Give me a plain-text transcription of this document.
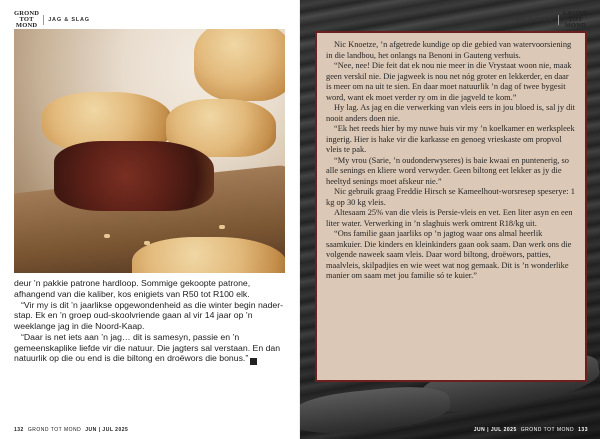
GROND
TOT
MOND
JAG & SLAG

deur ’n pakkie patrone hardloop. Sommige gekoopte patrone, afhangend van die kaliber, kos enigiets van R50 tot R100 elk.

“Vir my is dit ’n jaarlikse opgewondenheid as die winter begin naderstap. Ek en ’n groep oud-skoolvriende gaan al vir 14 jaar op ’n weeklange jag in die Noord-Kaap.

“Daar is net iets aan ’n jag… dit is samesyn, passie en ’n gemeenskaplike liefde vir die natuur. Die jagters sal verstaan. En dan natuurlik op die ou end is die biltong en droëwors die bonus.” G

132 GROND TOT MOND JUN | JUL 2025
JAG & SLAG
GROND
TOT
MOND

Nic Knoetze, ’n afgetrede kundige op die gebied van watervoorsiening in die landbou, het onlangs na Benoni in Gauteng verhuis.

“Nee, nee! Die feit dat ek nou nie meer in die Vrystaat woon nie, maak geen verskil nie. Die jagweek is nou net nóg groter en lekkerder, en daar is meer om na uit te sien. En daar moet natuurlik ’n dag of twee bygesit word, want ek moet verder ry om in die jagveld te kom.”

Hy lag. As jag en die verwerking van vleis eers in jou bloed is, sal jy dit nooit anders doen nie.

“Ek het reeds hier by my nuwe huis vir my ’n koelkamer en werkspleek ingerig. Hier is hake vir die karkasse en genoeg vrieskaste om propvol vleis te pak.

“My vrou (Sarie, ’n oudonderwyseres) is baie kwaai en puntenerig, so alle senings en kliere word verwyder. Geen biltong eet lekker as jy die heeltyd senings moet afskeur nie.”

Nic gebruik graag Freddie Hirsch se Kameelhout-worsresep speserye: 1 kg op 30 kg vleis.

Altesaam 25% van die vleis is Persie-vleis en vet. Een liter asyn en een liter water. Verwerking in ’n slaghuis werk omtrent R18/kg uit.

“Ons familie gaan jaarliks op ’n jagtog waar ons almal heerlik saamkuier. Die kinders en kleinkinders gaan ook saam. Dan werk ons die volgende naweek saam vleis. Daar word biltong, droëwors, patties, maalvleis, skilpadjies en wie weet wat nog gemaak. Dit is ’n wonderlike manier om saam met jou familie só te kuier.”

JUN | JUL 2025 GROND TOT MOND 133
